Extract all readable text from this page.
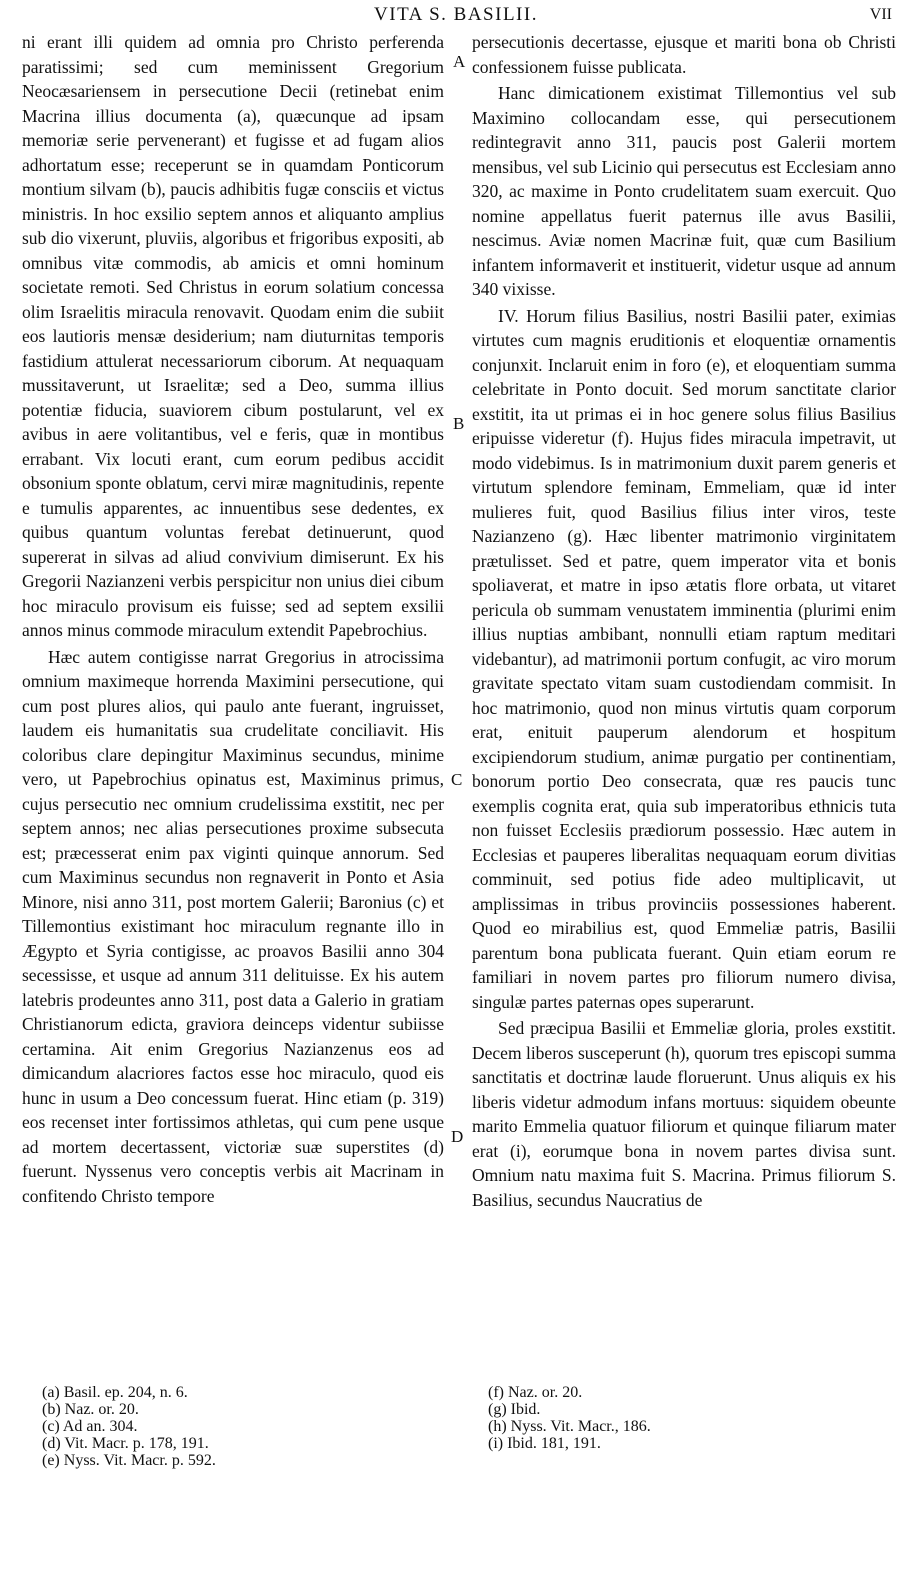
VITA S. BASILII.	VII

ni erant illi quidem ad omnia pro Christo perferenda paratissimi; sed cum meminissent Gregorium Neocæsariensem in persecutione Decii (retinebat enim Macrina illius documenta (a), quæcunque ad ipsam memoriæ serie pervenerant) et fugisse et ad fugam alios adhortatum esse; receperunt se in quamdam Ponticorum montium silvam (b), paucis adhibitis fugæ consciis et victus ministris. In hoc exsilio septem annos et aliquanto amplius sub dio vixerunt, pluviis, algoribus et frigoribus expositi, ab omnibus vitæ commodis, ab amicis et omni hominum societate remoti. Sed Christus in eorum solatium concessa olim Israelitis miracula renovavit. Quodam enim die subiit eos lautioris mensæ desiderium; nam diuturnitas temporis fastidium attulerat necessariorum ciborum. At nequaquam mussitaverunt, ut Israelitæ; sed a Deo, summa illius potentiæ fiducia, suaviorem cibum postularunt, vel ex avibus in aere volitantibus, vel e feris, quæ in montibus errabant. Vix locuti erant, cum eorum pedibus accidit obsonium sponte oblatum, cervi miræ magnitudinis, repente e tumulis apparentes, ac innuentibus sese dedentes, ex quibus quantum voluntas ferebat detinuerunt, quod supererat in silvas ad aliud convivium dimiserunt. Ex his Gregorii Nazianzeni verbis perspicitur non unius diei cibum hoc miraculo provisum eis fuisse; sed ad septem exsilii annos minus commode miraculum extendit Papebrochius.

Hæc autem contigisse narrat Gregorius in atrocissima omnium maximeque horrenda Maximini persecutione, qui cum post plures alios, qui paulo ante fuerant, ingruisset, laudem eis humanitatis sua crudelitate conciliavit. His coloribus clare depingitur Maximinus secundus, minime vero, ut Papebrochius opinatus est, Maximinus primus, cujus persecutio nec omnium crudelissima exstitit, nec per septem annos; nec alias persecutiones proxime subsecuta est; præcesserat enim pax viginti quinque annorum. Sed cum Maximinus secundus non regnaverit in Ponto et Asia Minore, nisi anno 311, post mortem Galerii; Baronius (c) et Tillemontius existimant hoc miraculum regnante illo in Ægypto et Syria contigisse, ac proavos Basilii anno 304 secessisse, et usque ad annum 311 delituisse. Ex his autem latebris prodeuntes anno 311, post data a Galerio in gratiam Christianorum edicta, graviora deinceps videntur subiisse certamina. Ait enim Gregorius Nazianzenus eos ad dimicandum alacriores factos esse hoc miraculo, quod eis hunc in usum a Deo concessum fuerat. Hinc etiam (p. 319) eos recenset inter fortissimos athletas, qui cum pene usque ad mortem decertassent, victoriæ suæ superstites (d) fuerunt. Nyssenus vero conceptis verbis ait Macrinam in confitendo Christo tempore

A
B
C
D

persecutionis decertasse, ejusque et mariti bona ob Christi confessionem fuisse publicata.

Hanc dimicationem existimat Tillemontius vel sub Maximino collocandam esse, qui persecutionem redintegravit anno 311, paucis post Galerii mortem mensibus, vel sub Licinio qui persecutus est Ecclesiam anno 320, ac maxime in Ponto crudelitatem suam exercuit. Quo nomine appellatus fuerit paternus ille avus Basilii, nescimus. Aviæ nomen Macrinæ fuit, quæ cum Basilium infantem informaverit et instituerit, videtur usque ad annum 340 vixisse.

IV. Horum filius Basilius, nostri Basilii pater, eximias virtutes cum magnis eruditionis et eloquentiæ ornamentis conjunxit. Inclaruit enim in foro (e), et eloquentiam summa celebritate in Ponto docuit. Sed morum sanctitate clarior exstitit, ita ut primas ei in hoc genere solus filius Basilius eripuisse videretur (f). Hujus fides miracula impetravit, ut modo videbimus. Is in matrimonium duxit parem generis et virtutum splendore feminam, Emmeliam, quæ id inter mulieres fuit, quod Basilius filius inter viros, teste Nazianzeno (g). Hæc libenter matrimonio virginitatem prætulisset. Sed et patre, quem imperator vita et bonis spoliaverat, et matre in ipso ætatis flore orbata, ut vitaret pericula ob summam venustatem imminentia (plurimi enim illius nuptias ambibant, nonnulli etiam raptum meditari videbantur), ad matrimonii portum confugit, ac viro morum gravitate spectato vitam suam custodiendam commisit. In hoc matrimonio, quod non minus virtutis quam corporum erat, enituit pauperum alendorum et hospitum excipiendorum studium, animæ purgatio per continentiam, bonorum portio Deo consecrata, quæ res paucis tunc exemplis cognita erat, quia sub imperatoribus ethnicis tuta non fuisset Ecclesiis prædiorum possessio. Hæc autem in Ecclesias et pauperes liberalitas nequaquam eorum divitias comminuit, sed potius fide adeo multiplicavit, ut amplissimas in tribus provinciis possessiones haberent. Quod eo mirabilius est, quod Emmeliæ patris, Basilii parentum bona publicata fuerant. Quin etiam eorum re familiari in novem partes pro filiorum numero divisa, singulæ partes paternas opes superarunt.

Sed præcipua Basilii et Emmeliæ gloria, proles exstitit. Decem liberos susceperunt (h), quorum tres episcopi summa sanctitatis et doctrinæ laude floruerunt. Unus aliquis ex his liberis videtur admodum infans mortuus: siquidem obeunte marito Emmelia quatuor filiorum et quinque filiarum mater erat (i), eorumque bona in novem partes divisa sunt. Omnium natu maxima fuit S. Macrina. Primus filiorum S. Basilius, secundus Naucratius de

(a) Basil. ep. 204, n. 6.
(b) Naz. or. 20.
(c) Ad an. 304.
(d) Vit. Macr. p. 178, 191.
(e) Nyss. Vit. Macr. p. 592.
(f) Naz. or. 20.
(g) Ibid.
(h) Nyss. Vit. Macr., 186.
(i) Ibid. 181, 191.
